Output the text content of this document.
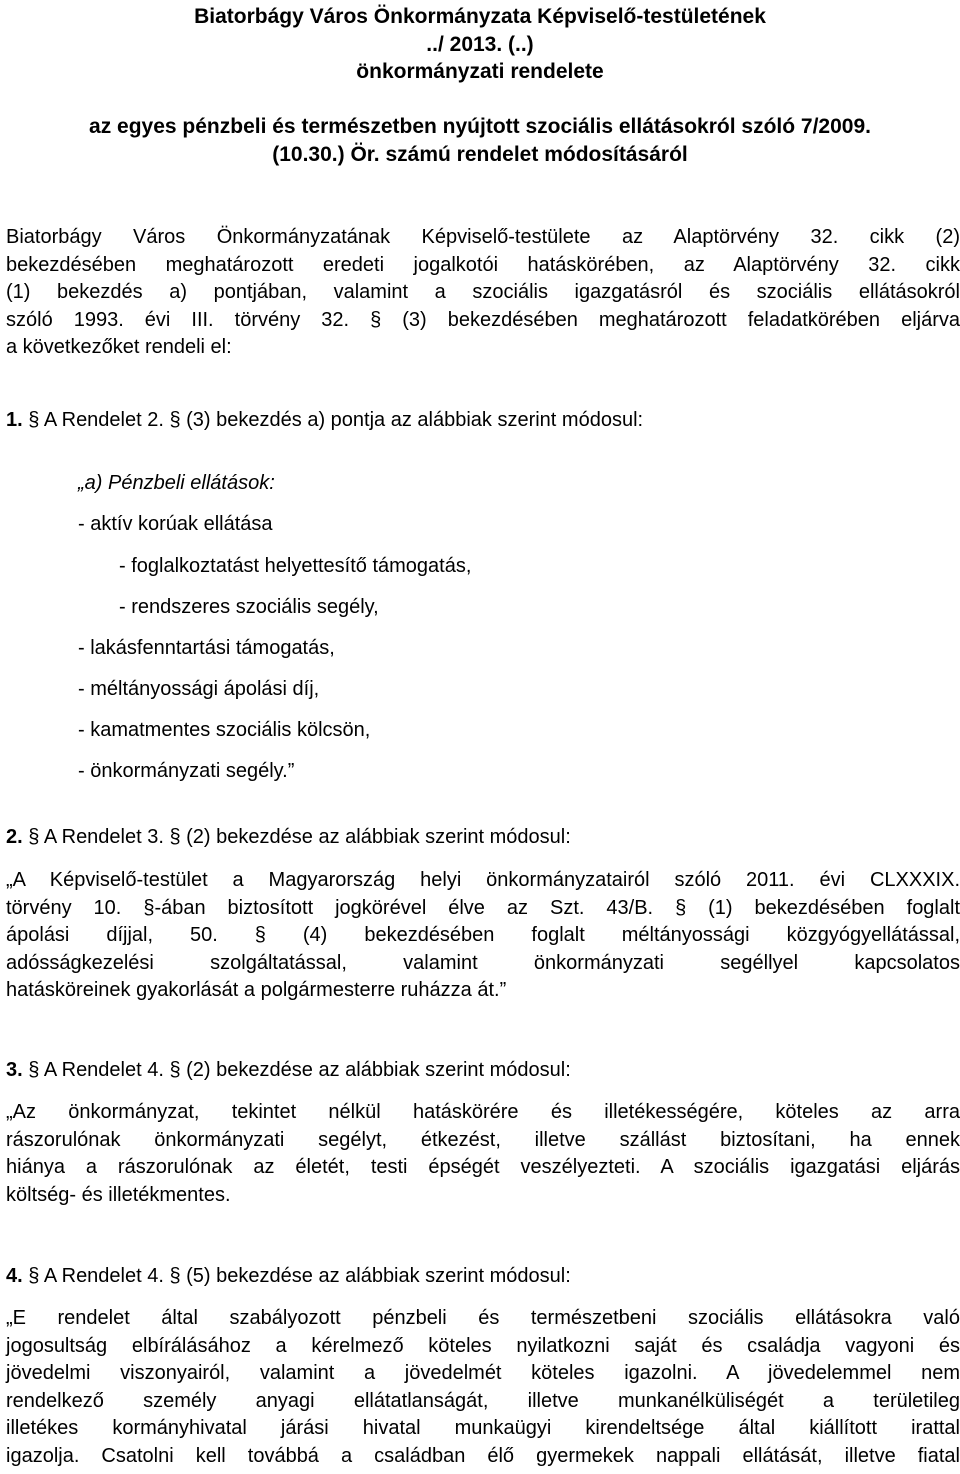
Biatorbágy Város Önkormányzata Képviselő-testületének
../ 2013. (..)
önkormányzati rendelete
az egyes pénzbeli és természetben nyújtott szociális ellátásokról szóló 7/2009.
(10.30.) Ör. számú rendelet módosításáról
Biatorbágy Város Önkormányzatának Képviselő-testülete az Alaptörvény 32. cikk (2)
bekezdésében meghatározott eredeti jogalkotói hatáskörében, az Alaptörvény 32. cikk
(1) bekezdés a) pontjában, valamint a szociális igazgatásról és szociális ellátásokról
szóló 1993. évi III. törvény 32. § (3) bekezdésében meghatározott feladatkörében eljárva
a következőket rendeli el:
1. § A Rendelet 2. § (3) bekezdés a) pontja az alábbiak szerint módosul:
„a) Pénzbeli ellátások:
- aktív korúak ellátása
- foglalkoztatást helyettesítő támogatás,
- rendszeres szociális segély,
- lakásfenntartási támogatás,
- méltányossági ápolási díj,
- kamatmentes szociális kölcsön,
- önkormányzati segély.”
2. § A Rendelet 3. § (2) bekezdése az alábbiak szerint módosul:
„A Képviselő-testület a Magyarország helyi önkormányzatairól szóló 2011. évi CLXXXIX.
törvény 10. §-ában biztosított jogkörével élve az Szt. 43/B. § (1) bekezdésében foglalt
ápolási díjjal, 50. § (4) bekezdésében foglalt méltányossági közgyógyellátással,
adósságkezelési szolgáltatással, valamint önkormányzati segéllyel kapcsolatos
hatásköreinek gyakorlását a polgármesterre ruházza át.”
3. § A Rendelet 4. § (2) bekezdése az alábbiak szerint módosul:
„Az önkormányzat, tekintet nélkül hatáskörére és illetékességére, köteles az arra
rászorulónak önkormányzati segélyt, étkezést, illetve szállást biztosítani, ha ennek
hiánya a rászorulónak az életét, testi épségét veszélyezteti. A szociális igazgatási eljárás
költség- és illetékmentes.
4. § A Rendelet 4. § (5) bekezdése az alábbiak szerint módosul:
„E rendelet által szabályozott pénzbeli és természetbeni szociális ellátásokra való
jogosultság elbírálásához a kérelmező köteles nyilatkozni saját és családja vagyoni és
jövedelmi viszonyairól, valamint a jövedelmét köteles igazolni. A jövedelemmel nem
rendelkező személy anyagi ellátatlanságát, illetve munkanélküliségét a területileg
illetékes kormányhivatal járási hivatal munkaügyi kirendeltsége által kiállított irattal
igazolja. Csatolni kell továbbá a családban élő gyermekek nappali ellátását, illetve fiatal
